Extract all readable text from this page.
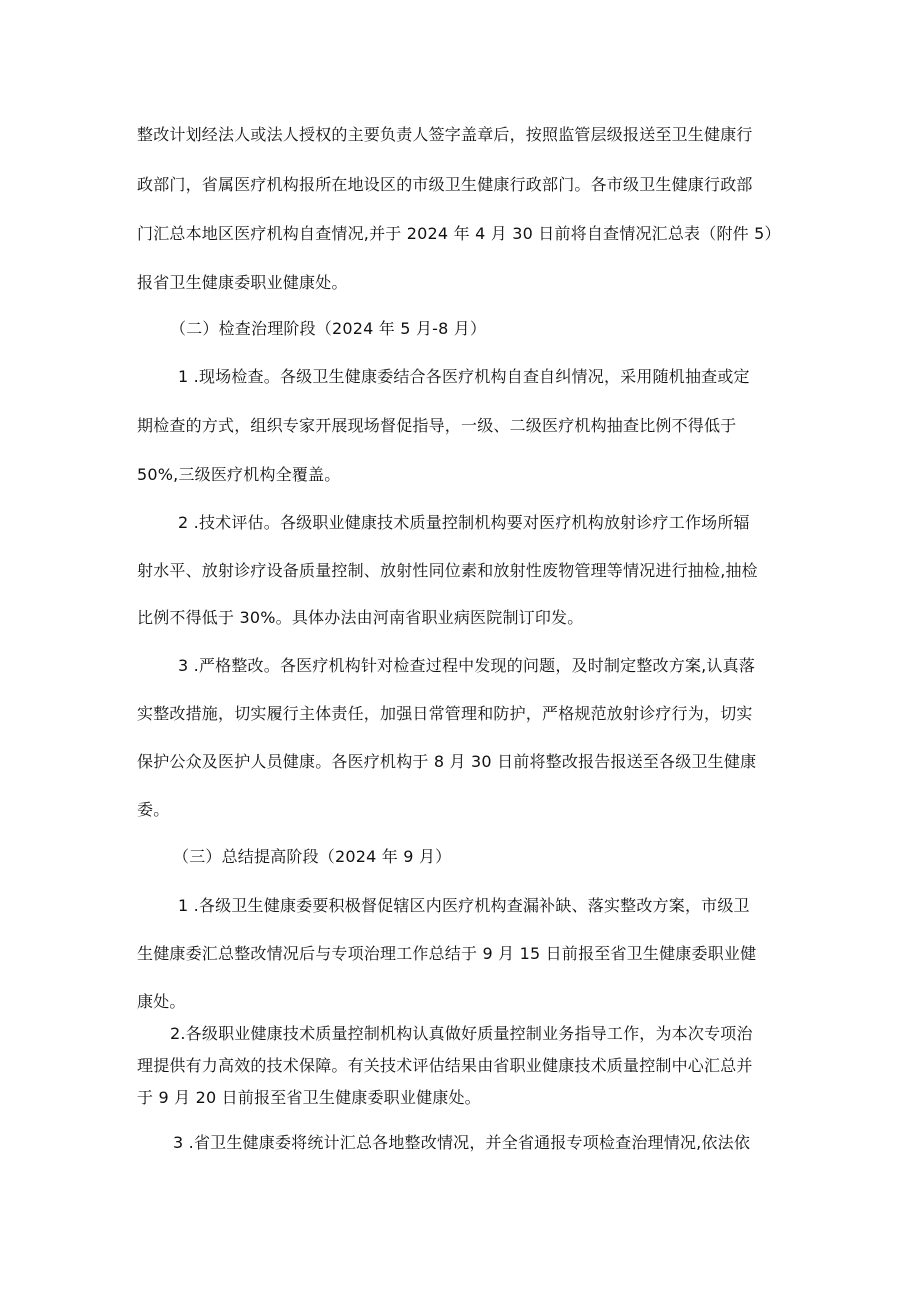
整改计划经法人或法人授权的主要负责人签字盖章后，按照监管层级报送至卫生健康行
政部门，省属医疗机构报所在地设区的市级卫生健康行政部门。各市级卫生健康行政部
门汇总本地区医疗机构自查情况,并于 2024 年 4 月 30 日前将自查情况汇总表（附件 5）
报省卫生健康委职业健康处。
（二）检查治理阶段（2024 年 5 月-8 月）
1 .现场检查。各级卫生健康委结合各医疗机构自查自纠情况，采用随机抽查或定
期检查的方式，组织专家开展现场督促指导，一级、二级医疗机构抽查比例不得低于
50%,三级医疗机构全覆盖。
2 .技术评估。各级职业健康技术质量控制机构要对医疗机构放射诊疗工作场所辐
射水平、放射诊疗设备质量控制、放射性同位素和放射性废物管理等情况进行抽检,抽检
比例不得低于 30%。具体办法由河南省职业病医院制订印发。
3 .严格整改。各医疗机构针对检查过程中发现的问题，及时制定整改方案,认真落
实整改措施，切实履行主体责任，加强日常管理和防护，严格规范放射诊疗行为，切实
保护公众及医护人员健康。各医疗机构于 8 月 30 日前将整改报告报送至各级卫生健康
委。
（三）总结提高阶段（2024 年 9 月）
1 .各级卫生健康委要积极督促辖区内医疗机构查漏补缺、落实整改方案，市级卫
生健康委汇总整改情况后与专项治理工作总结于 9 月 15 日前报至省卫生健康委职业健
康处。
2.各级职业健康技术质量控制机构认真做好质量控制业务指导工作，为本次专项治
理提供有力高效的技术保障。有关技术评估结果由省职业健康技术质量控制中心汇总并
于 9 月 20 日前报至省卫生健康委职业健康处。
3 .省卫生健康委将统计汇总各地整改情况，并全省通报专项检查治理情况,依法依
